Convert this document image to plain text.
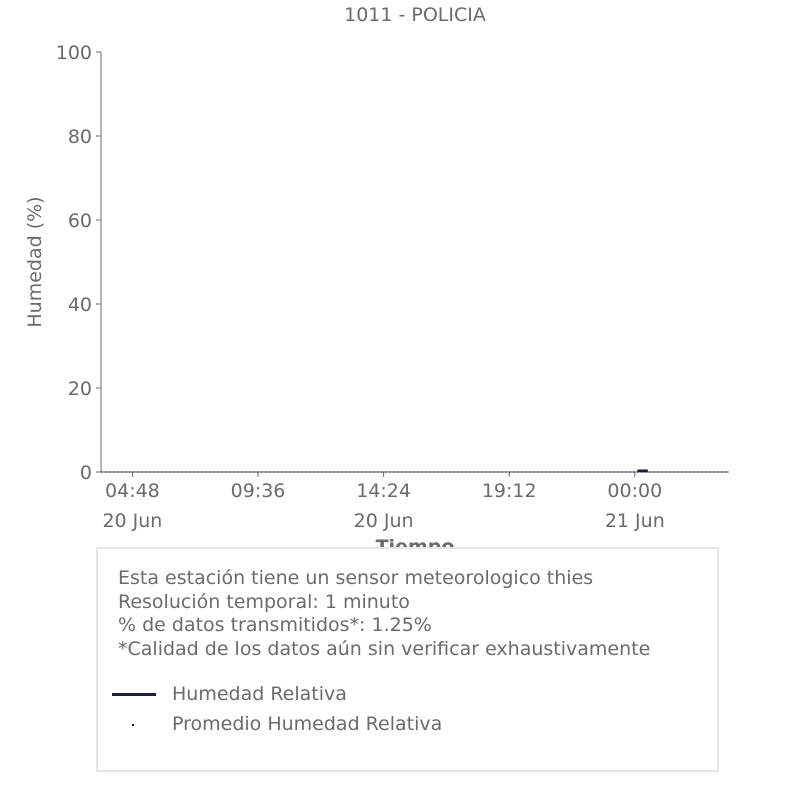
1011 - POLICIA
0
20
40
60
80
100
04:48
20 Jun
09:36	14:24
20 Jun
19:12	00:00
21 Jun
Humedad (%)
Esta estación tiene un sensor meteorologico thies
Resolución temporal: 1 minuto
% de datos transmitidos*: 1.25%
*Calidad de los datos aún sin verificar exhaustivamente
Humedad Relativa
Promedio Humedad Relativa
